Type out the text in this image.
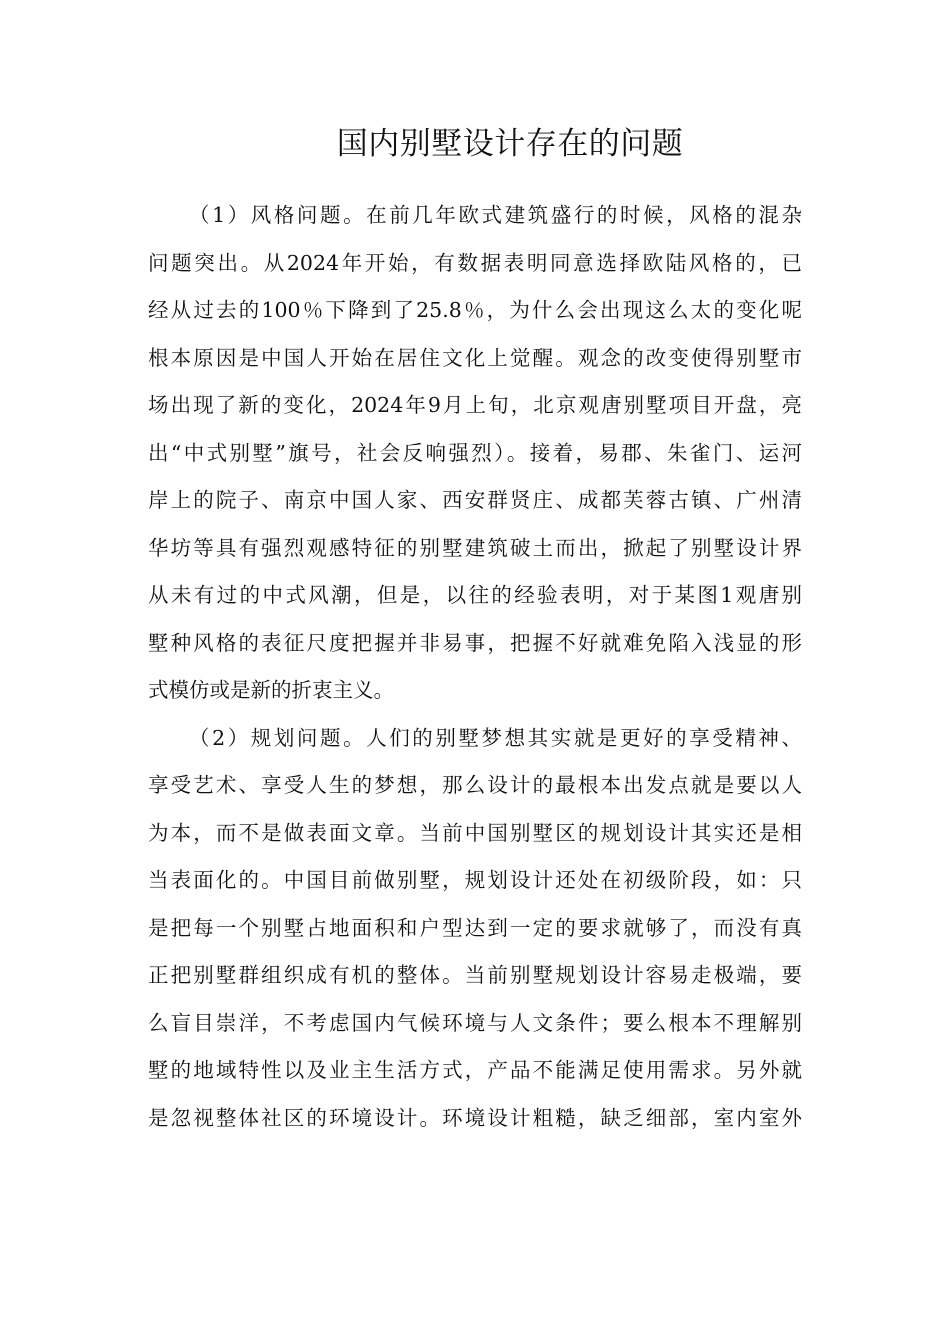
国内别墅设计存在的问题
（1）风格问题。在前几年欧式建筑盛行的时候，风格的混杂
问题突出。从2024年开始，有数据表明同意选择欧陆风格的，已
经从过去的100％下降到了25.8％，为什么会出现这么太的变化呢
根本原因是中国人开始在居住文化上觉醒。观念的改变使得别墅市
场出现了新的变化，2024年9月上旬，北京观唐别墅项目开盘，亮
出“中式别墅”旗号，社会反响强烈）。接着，易郡、朱雀门、运河
岸上的院子、南京中国人家、西安群贤庄、成都芙蓉古镇、广州清
华坊等具有强烈观感特征的别墅建筑破土而出，掀起了别墅设计界
从未有过的中式风潮，但是，以往的经验表明，对于某图1观唐别
墅种风格的表征尺度把握并非易事，把握不好就难免陷入浅显的形
式模仿或是新的折衷主义。
（2）规划问题。人们的别墅梦想其实就是更好的享受精神、
享受艺术、享受人生的梦想，那么设计的最根本出发点就是要以人
为本，而不是做表面文章。当前中国别墅区的规划设计其实还是相
当表面化的。中国目前做别墅，规划设计还处在初级阶段，如：只
是把每一个别墅占地面积和户型达到一定的要求就够了，而没有真
正把别墅群组织成有机的整体。当前别墅规划设计容易走极端，要
么盲目崇洋，不考虑国内气候环境与人文条件；要么根本不理解别
墅的地域特性以及业主生活方式，产品不能满足使用需求。另外就
是忽视整体社区的环境设计。环境设计粗糙，缺乏细部，室内室外
